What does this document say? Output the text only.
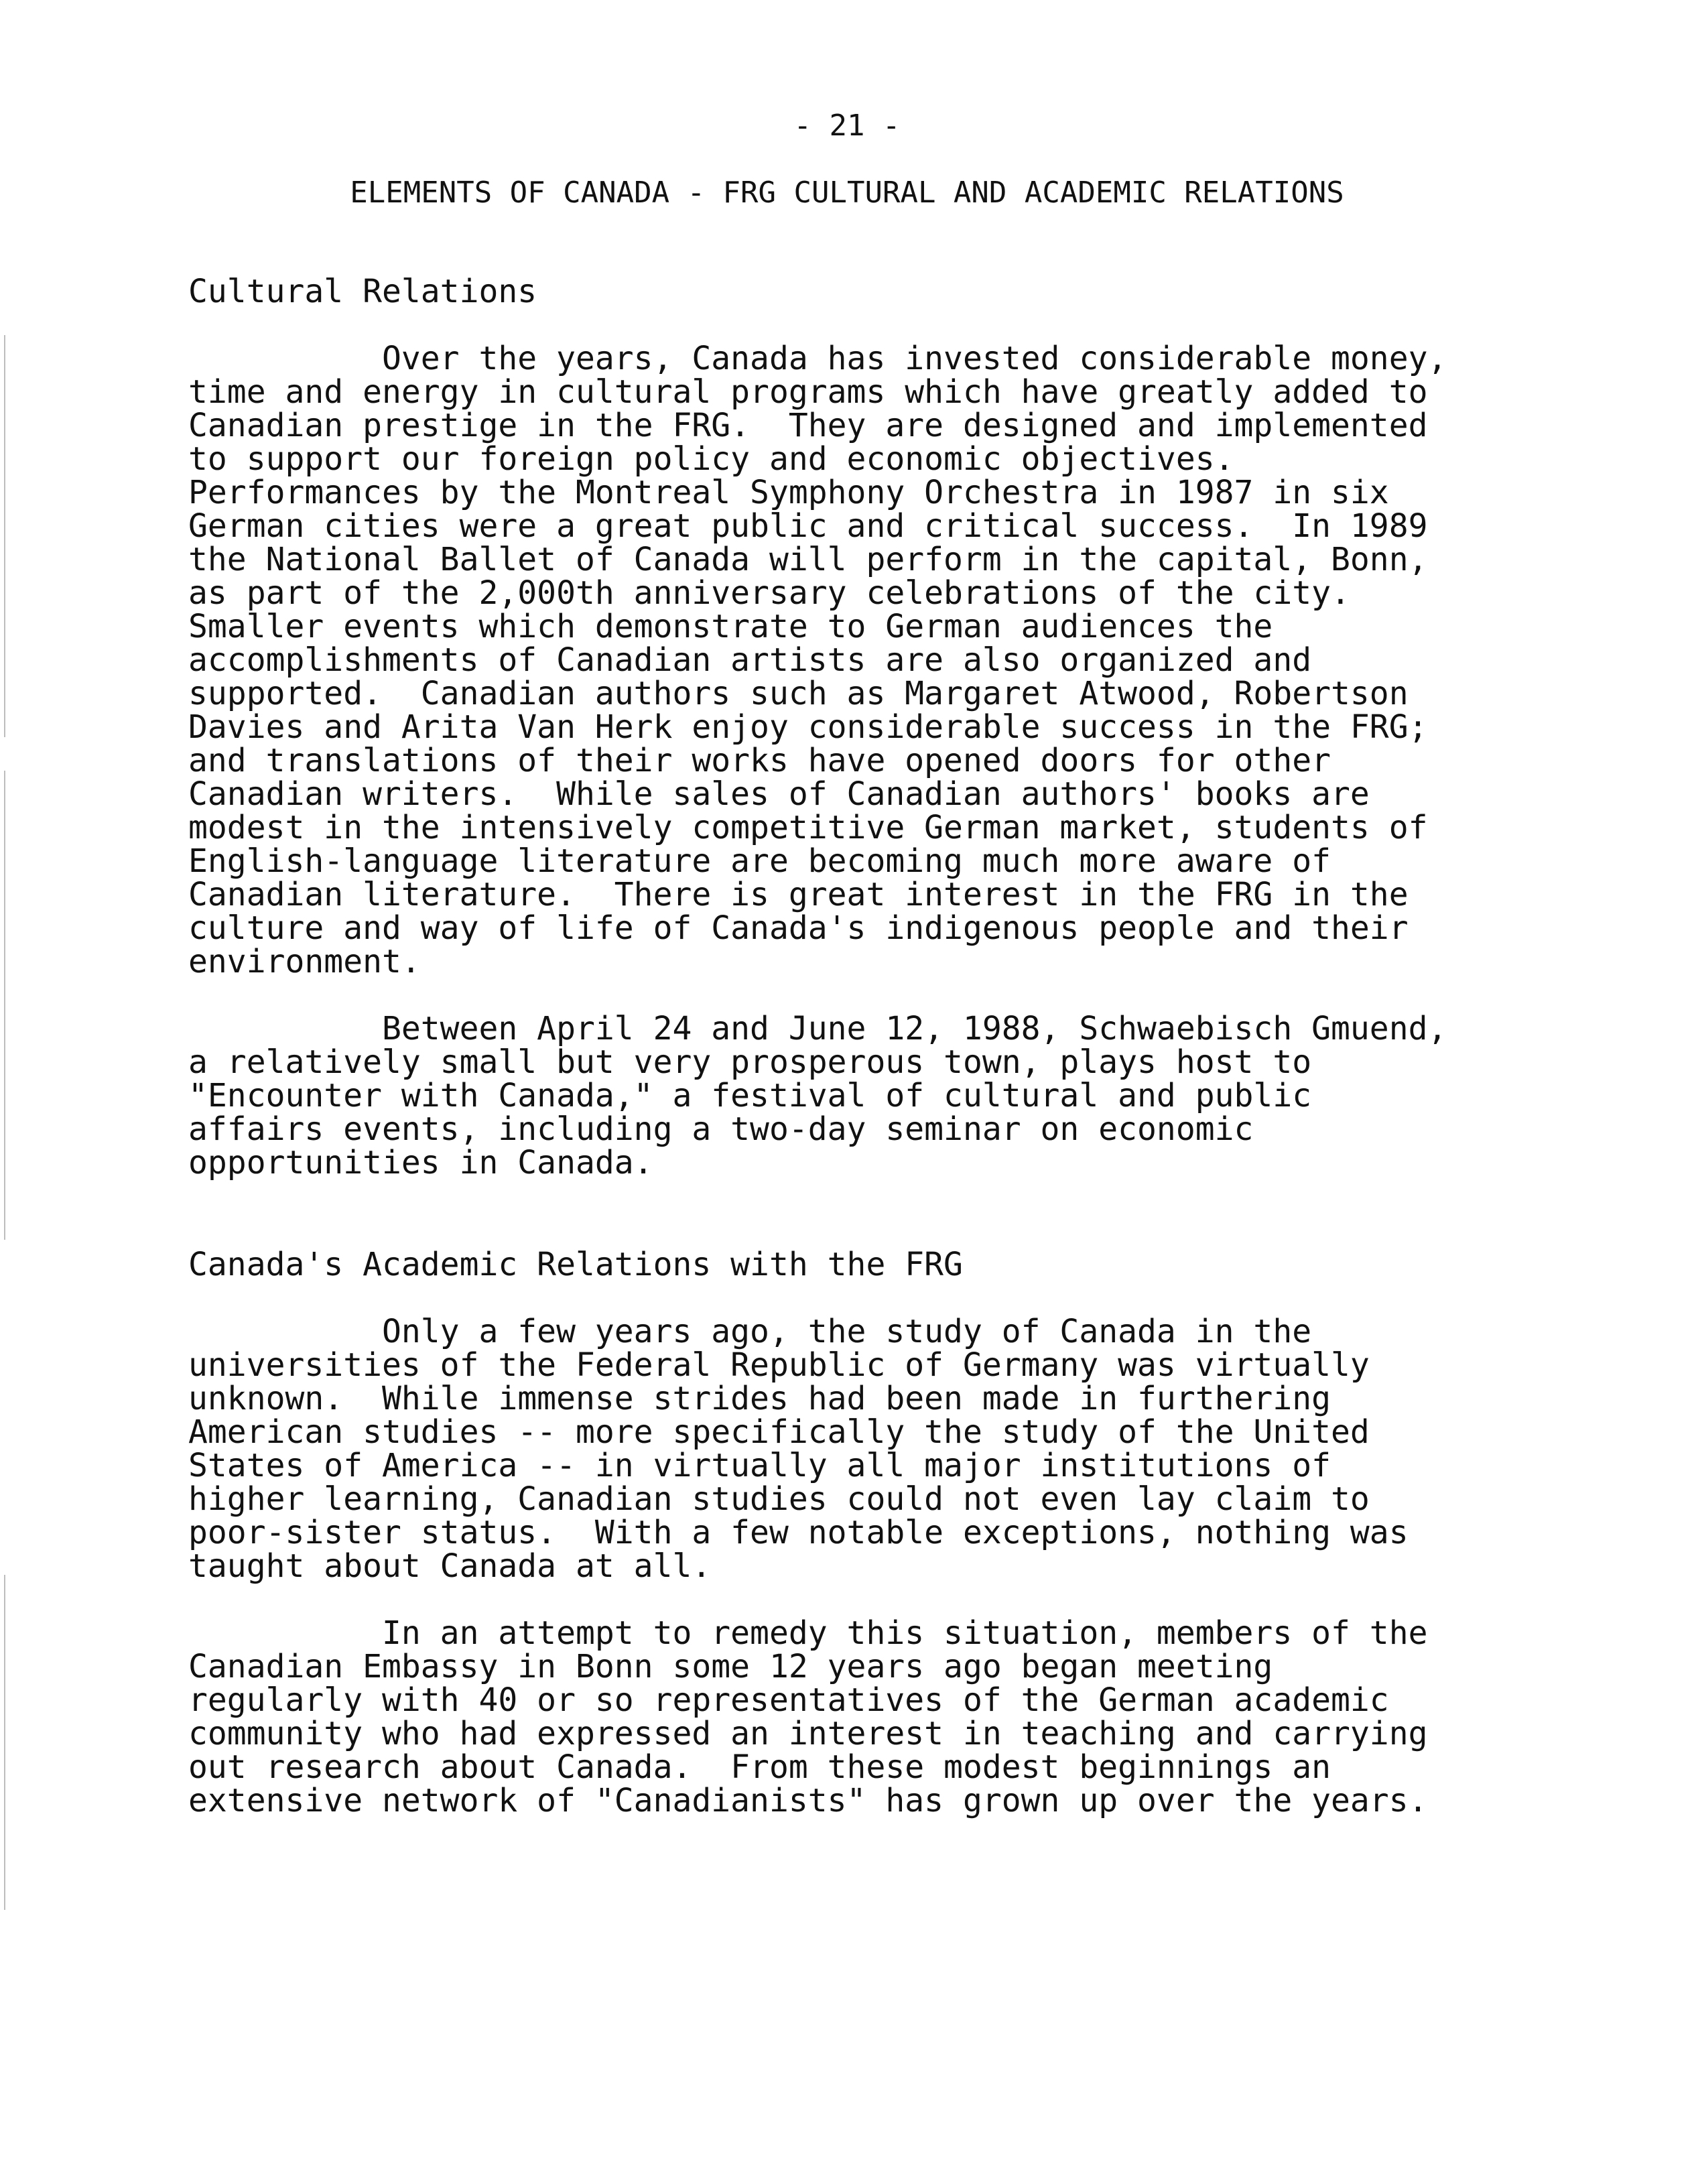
- 21 -
ELEMENTS OF CANADA - FRG CULTURAL AND ACADEMIC RELATIONS
Cultural Relations
Over the years, Canada has invested considerable money,
time and energy in cultural programs which have greatly added to
Canadian prestige in the FRG.  They are designed and implemented
to support our foreign policy and economic objectives.
Performances by the Montreal Symphony Orchestra in 1987 in six
German cities were a great public and critical success.  In 1989
the National Ballet of Canada will perform in the capital, Bonn,
as part of the 2,000th anniversary celebrations of the city.
Smaller events which demonstrate to German audiences the
accomplishments of Canadian artists are also organized and
supported.  Canadian authors such as Margaret Atwood, Robertson
Davies and Arita Van Herk enjoy considerable success in the FRG;
and translations of their works have opened doors for other
Canadian writers.  While sales of Canadian authors' books are
modest in the intensively competitive German market, students of
English-language literature are becoming much more aware of
Canadian literature.  There is great interest in the FRG in the
culture and way of life of Canada's indigenous people and their
environment.
Between April 24 and June 12, 1988, Schwaebisch Gmuend,
a relatively small but very prosperous town, plays host to
"Encounter with Canada," a festival of cultural and public
affairs events, including a two-day seminar on economic
opportunities in Canada.
Canada's Academic Relations with the FRG
Only a few years ago, the study of Canada in the
universities of the Federal Republic of Germany was virtually
unknown.  While immense strides had been made in furthering
American studies -- more specifically the study of the United
States of America -- in virtually all major institutions of
higher learning, Canadian studies could not even lay claim to
poor-sister status.  With a few notable exceptions, nothing was
taught about Canada at all.
In an attempt to remedy this situation, members of the
Canadian Embassy in Bonn some 12 years ago began meeting
regularly with 40 or so representatives of the German academic
community who had expressed an interest in teaching and carrying
out research about Canada.  From these modest beginnings an
extensive network of "Canadianists" has grown up over the years.
